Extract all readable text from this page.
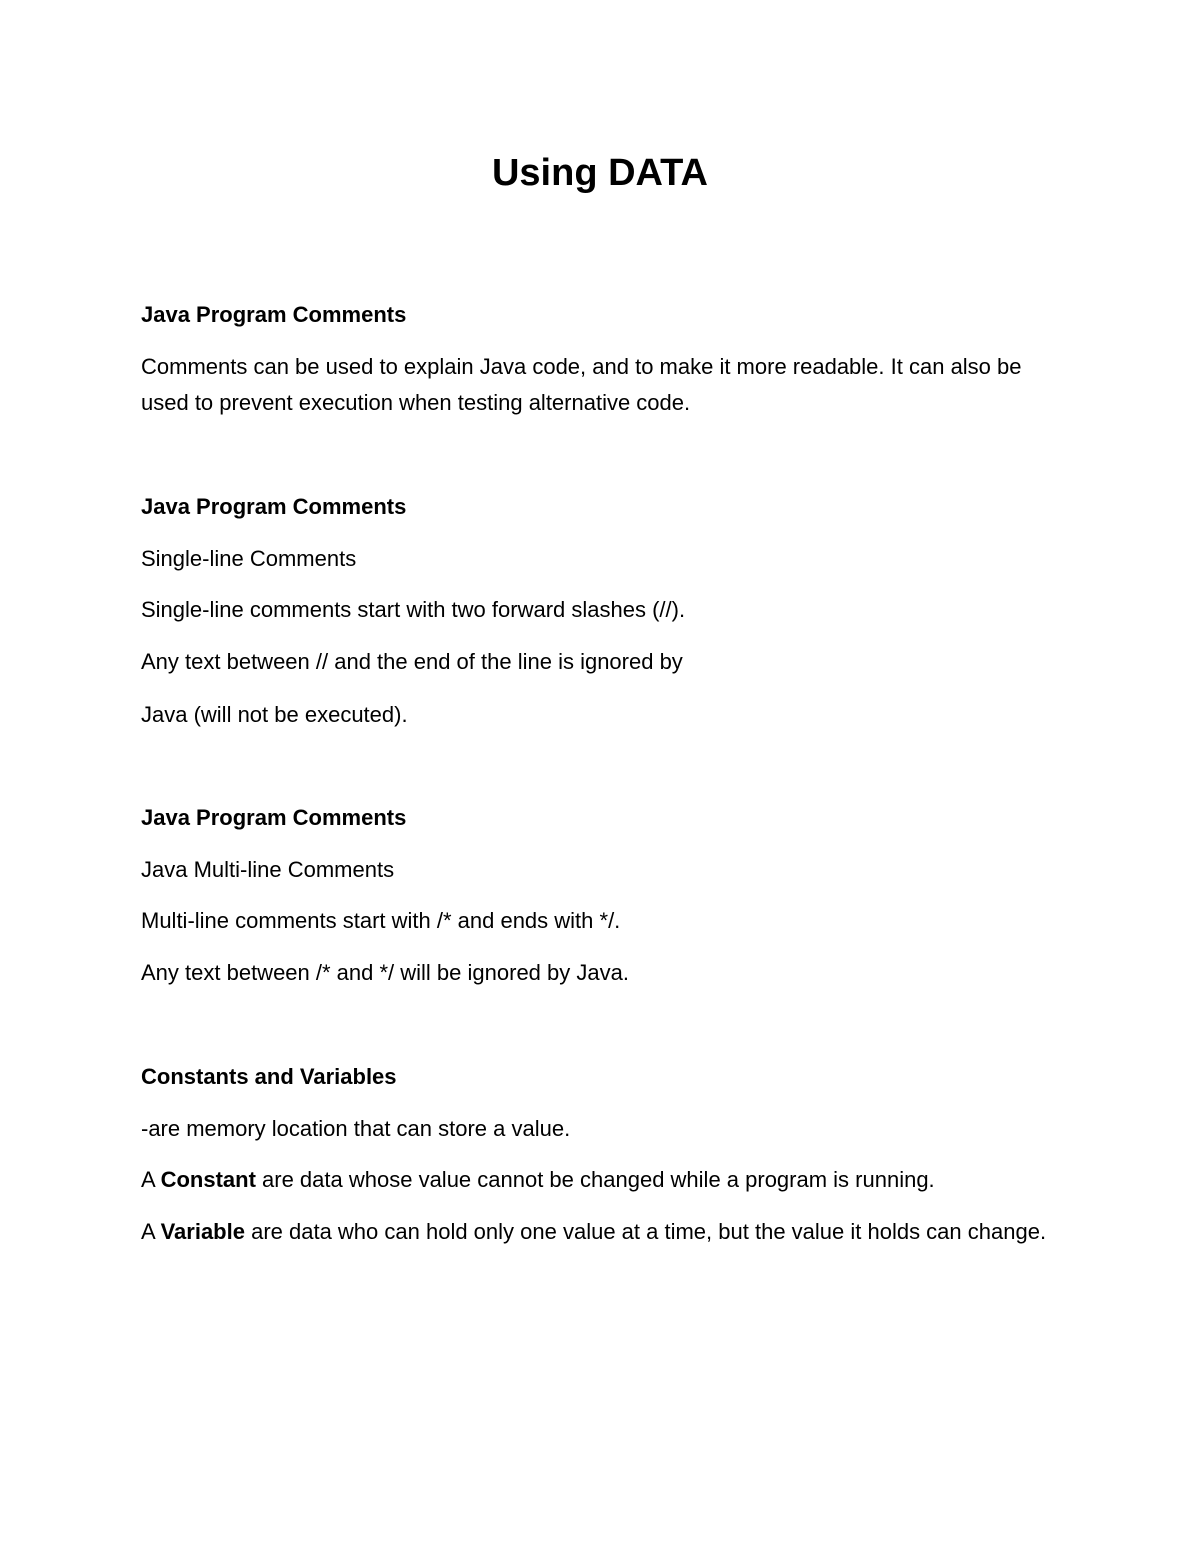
Using DATA

Java Program Comments

Comments can be used to explain Java code, and to make it more readable. It can also be used to prevent execution when testing alternative code.

Java Program Comments

Single-line Comments

Single-line comments start with two forward slashes (//).

Any text between // and the end of the line is ignored by

Java (will not be executed).

Java Program Comments

Java Multi-line Comments

Multi-line comments start with /* and ends with */.

Any text between /* and */ will be ignored by Java.

Constants and Variables

-are memory location that can store a value.

A Constant are data whose value cannot be changed while a program is running.

A Variable are data who can hold only one value at a time, but the value it holds can change.
